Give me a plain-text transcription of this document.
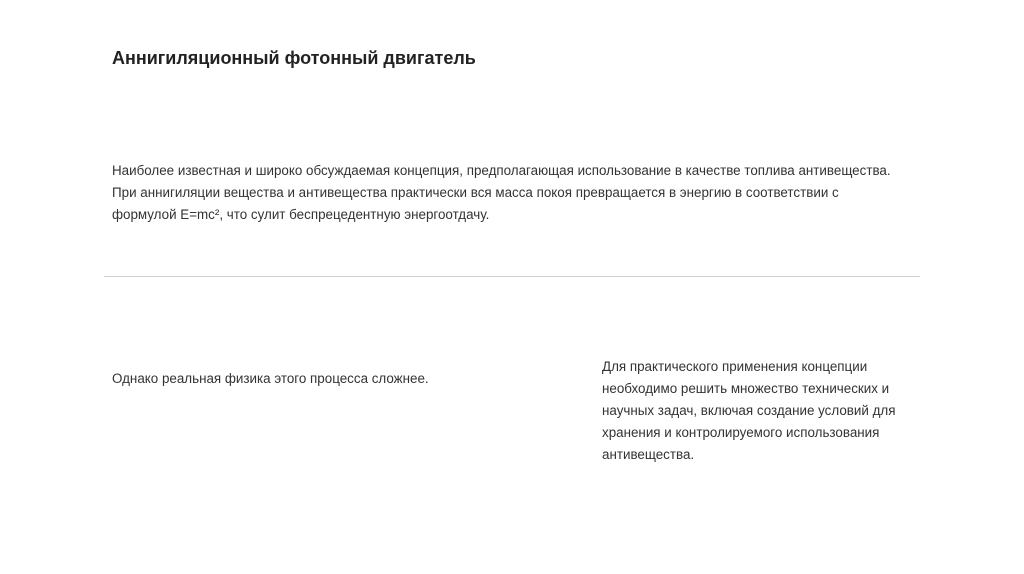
Аннигиляционный фотонный двигатель

Наиболее известная и широко обсуждаемая концепция, предполагающая использование в качестве топлива антивещества. При аннигиляции вещества и антивещества практически вся масса покоя превращается в энергию в соответствии с формулой E=mc², что сулит беспрецедентную энергоотдачу.

Однако реальная физика этого процесса сложнее.

Для практического применения концепции необходимо решить множество технических и научных задач, включая создание условий для хранения и контролируемого использования антивещества.
